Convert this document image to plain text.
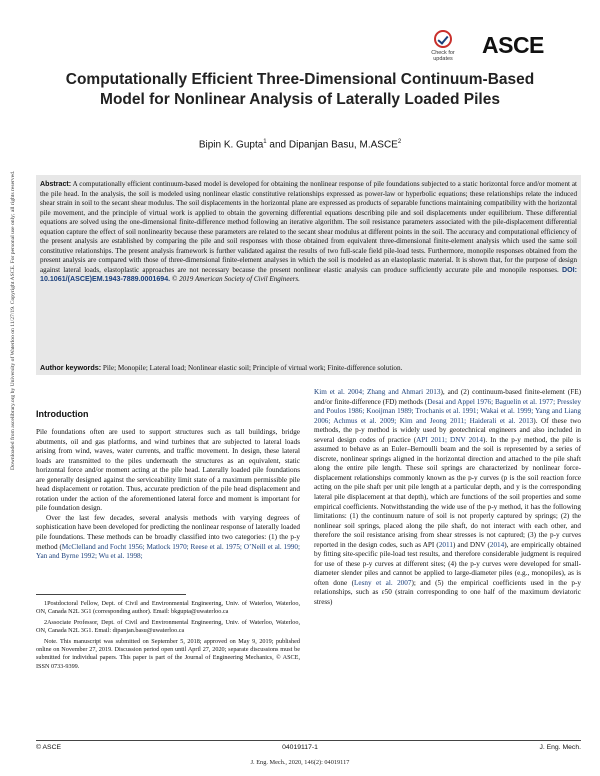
Downloaded from ascelibrary.org by University of Waterloo on 11/27/19. Copyright ASCE. For personal use only; all rights reserved.
Check for
updates
ASCE
Computationally Efficient Three-Dimensional Continuum-Based Model for Nonlinear Analysis of Laterally Loaded Piles
Bipin K. Gupta$^1$ and Dipanjan Basu, M.ASCE$^2$
Abstract: A computationally efficient continuum-based model is developed for obtaining the nonlinear response of pile foundations subjected to a static horizontal force and/or moment at the pile head. In the analysis, the soil is modeled using nonlinear elastic constitutive relationships expressed as power-law or hyperbolic equations; these relationships relate the induced shear strain in soil to the secant shear modulus. The soil displacements in the horizontal plane are expressed as products of separable functions maintaining compatibility with the horizontal pile movement, and the principle of virtual work is applied to obtain the governing differential equations describing pile and soil displacements under equilibrium. These differential equations are solved using the one-dimensional finite-difference method following an iterative algorithm. The soil resistance parameters associated with the pile-displacement differential equation capture the effect of soil nonlinearity because these parameters are related to the secant shear modulus at different points in the soil. The accuracy and computational efficiency of the present analysis are established by comparing the pile and soil responses with those obtained from equivalent three-dimensional finite-element analysis which used the same soil constitutive relationships. The present analysis framework is further validated against the results of two full-scale field pile-load tests. Furthermore, monopile responses obtained from the present analysis are compared with those of three-dimensional finite-element analyses in which the soil is modeled as an elastoplastic material. It is shown that, for the purpose of design against lateral loads, elastoplastic approaches are not necessary because the present nonlinear elastic analysis can produce sufficiently accurate pile and monopile responses. DOI: 10.1061/(ASCE)EM.1943-7889.0001694. © 2019 American Society of Civil Engineers.
Author keywords: Pile; Monopile; Lateral load; Nonlinear elastic soil; Principle of virtual work; Finite-difference solution.
Introduction

Pile foundations often are used to support structures such as tall buildings, bridge abutments, oil and gas platforms, and wind turbines that are subjected to lateral loads arising from wind, waves, water currents, and traffic movement. In design, these lateral loads are transmitted to the piles underneath the structures as an equivalent, static horizontal force and/or moment acting at the pile head. Laterally loaded pile foundations are generally designed against the serviceability limit state of a maximum permissible pile head displacement or rotation. Thus, accurate prediction of the pile head displacement and rotation under the action of the aforementioned lateral force and moment is important for pile foundation design.

Over the last few decades, several analysis methods with varying degrees of sophistication have been developed for predicting the nonlinear response of laterally loaded pile foundations. These methods can be broadly classified into two categories: (1) the p-y method (McClelland and Focht 1956; Matlock 1970; Reese et al. 1975; O’Neill et al. 1990; Yan and Byrne 1992; Wu et al. 1998;

Kim et al. 2004; Zhang and Ahmari 2013), and (2) continuum-based finite-element (FE) and/or finite-difference (FD) methods (Desai and Appel 1976; Baguelin et al. 1977; Pressley and Poulos 1986; Kooijman 1989; Trochanis et al. 1991; Wakai et al. 1999; Yang and Liang 2006; Achmus et al. 2009; Kim and Jeong 2011; Haiderali et al. 2013). Of these two methods, the p-y method is widely used by geotechnical engineers and also included in several design codes of practice (API 2011; DNV 2014). In the p-y method, the pile is assumed to behave as an Euler–Bernoulli beam and the soil is represented by a series of discrete, nonlinear springs aligned in the horizontal direction and attached to the pile shaft along the entire pile length. These soil springs are characterized by nonlinear force-displacement relationships commonly known as the p-y curves (p is the soil reaction force acting on the pile shaft per unit pile length at a particular depth, and y is the corresponding lateral pile displacement at that depth), which are functions of the soil properties and some empirical coefficients. Notwithstanding the wide use of the p-y method, it has the following limitations: (1) the continuum nature of soil is not properly captured by springs; (2) the nonlinear soil springs, placed along the pile shaft, do not interact with each other, and therefore the soil resistance arising from shear stresses is not captured; (3) the p-y curves reported in the design codes, such as API (2011) and DNV (2014), are empirically obtained by fitting site-specific pile-load test results, and therefore considerable judgment is required for use of these p-y curves at different sites; (4) the p-y curves were developed for small-diameter slender piles and cannot be applied to large-diameter piles (e.g., monopiles), as is often done (Lesny et al. 2007); and (5) the empirical coefficients used in the p-y relationships, such as ε50 (strain corresponding to one half of the maximum deviatoric stress)

1Postdoctoral Fellow, Dept. of Civil and Environmental Engineering, Univ. of Waterloo, Waterloo, ON, Canada N2L 3G1 (corresponding author). Email: bkgupta@uwaterloo.ca

2Associate Professor, Dept. of Civil and Environmental Engineering, Univ. of Waterloo, Waterloo, ON, Canada N2L 3G1. Email: dipanjan.basu@uwaterloo.ca

Note. This manuscript was submitted on September 5, 2018; approved on May 9, 2019; published online on November 27, 2019. Discussion period open until April 27, 2020; separate discussions must be submitted for individual papers. This paper is part of the Journal of Engineering Mechanics, © ASCE, ISSN 0733-9399.

© ASCE	04019117-1	J. Eng. Mech.
J. Eng. Mech., 2020, 146(2): 04019117
